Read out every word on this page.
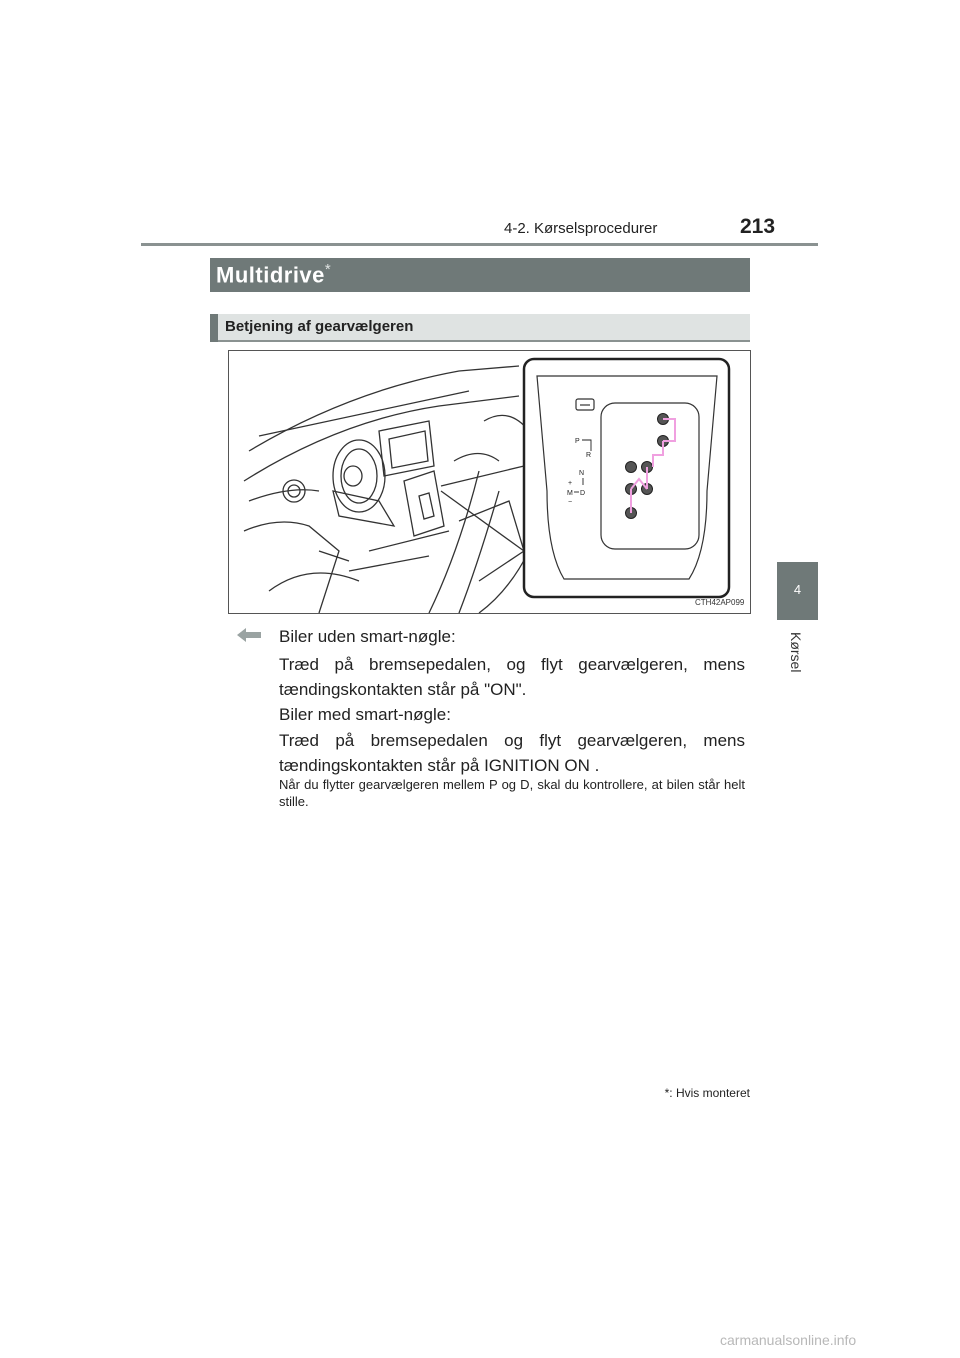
4-2. Kørselsprocedurer	213
4
Kørsel
Multidrive*
Betjening af gearvælgeren
P
R
N
+
M D
−
CTH42AP099
Biler uden smart-nøgle:
Træd på bremsepedalen, og flyt gearvælgeren, mens tændingskontakten står på "ON".
Biler med smart-nøgle:
Træd på bremsepedalen og flyt gearvælgeren, mens tændingskontakten står på IGNITION ON .
Når du flytter gearvælgeren mellem P og D, skal du kontrollere, at bilen står helt stille.
*: Hvis monteret
carmanualsonline.info
